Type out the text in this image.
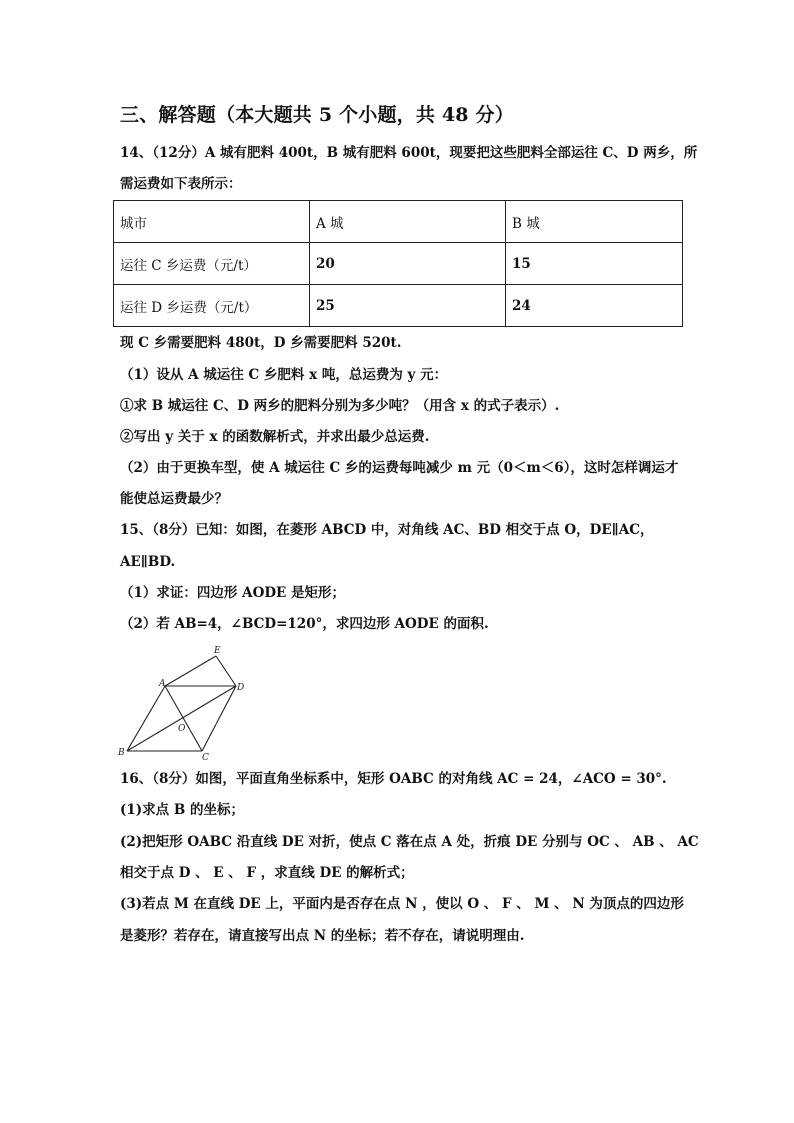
三、解答题（本大题共 5 个小题，共 48 分）
14、（12分）A 城有肥料 400t，B 城有肥料 600t，现要把这些肥料全部运往 C、D 两乡，所
需运费如下表所示：
城市	A 城	B 城
运往 C 乡运费（元/t）	20	15
运往 D 乡运费（元/t）	25	24
现 C 乡需要肥料 480t，D 乡需要肥料 520t.
（1）设从 A 城运往 C 乡肥料 x 吨，总运费为 y 元：
①求 B 城运往 C、D 两乡的肥料分别为多少吨？（用含 x 的式子表示）.
②写出 y 关于 x 的函数解析式，并求出最少总运费.
（2）由于更换车型，使 A 城运往 C 乡的运费每吨减少 m 元（0＜m＜6），这时怎样调运才
能使总运费最少？
15、（8分）已知：如图，在菱形 ABCD 中，对角线 AC、BD 相交于点 O，DE∥AC，
AE∥BD.
（1）求证：四边形 AODE 是矩形；
（2）若 AB=4，∠BCD=120°，求四边形 AODE 的面积.
A
B	C
D
E
O
16、（8分）如图，平面直角坐标系中，矩形 OABC 的对角线 AC = 24，∠ACO = 30°.
(1)求点 B 的坐标；
(2)把矩形 OABC 沿直线 DE 对折，使点 C 落在点 A 处，折痕 DE 分别与 OC 、 AB 、 AC
相交于点 D 、 E 、 F ，求直线 DE 的解析式；
(3)若点 M 在直线 DE 上，平面内是否存在点 N ，使以 O 、 F 、 M 、 N 为顶点的四边形
是菱形？若存在，请直接写出点 N 的坐标；若不存在，请说明理由.
